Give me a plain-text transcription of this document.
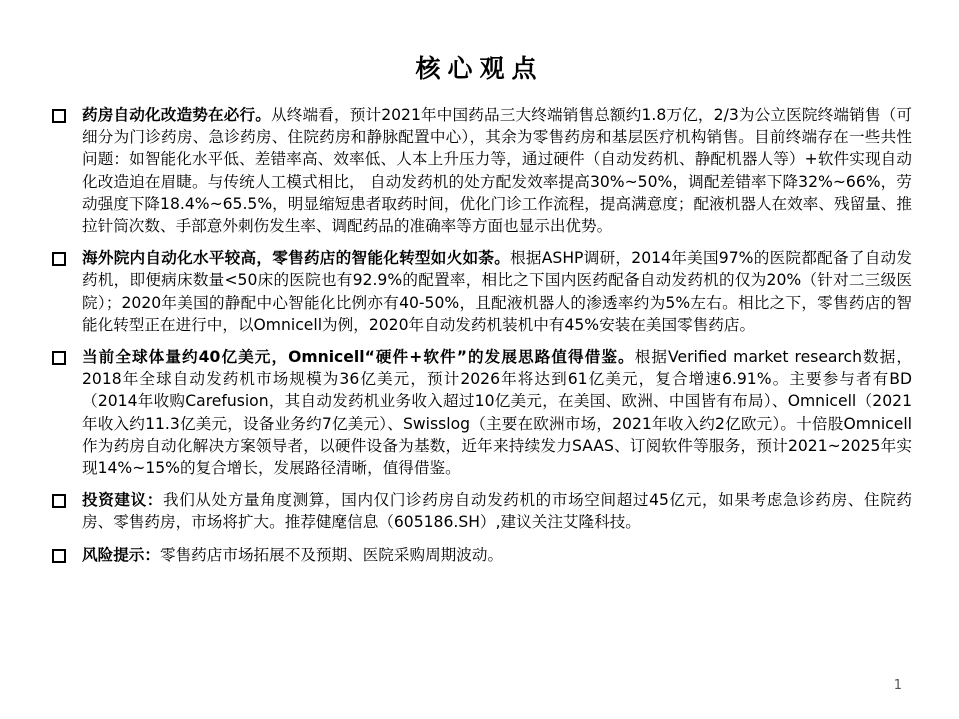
核心观点
药房自动化改造势在必行。从终端看，预计2021年中国药品三大终端销售总额约1.8万亿，2/3为公立医院终端销售（可细分为门诊药房、急诊药房、住院药房和静脉配置中心），其余为零售药房和基层医疗机构销售。目前终端存在一些共性问题：如智能化水平低、差错率高、效率低、人本上升压力等，通过硬件（自动发药机、静配机器人等）+软件实现自动化改造迫在眉睫。与传统人工模式相比， 自动发药机的处方配发效率提高30%~50%，调配差错率下降32%~66%，劳动强度下降18.4%~65.5%，明显缩短患者取药时间，优化门诊工作流程，提高满意度；配液机器人在效率、残留量、推拉针筒次数、手部意外刺伤发生率、调配药品的准确率等方面也显示出优势。
海外院内自动化水平较高，零售药店的智能化转型如火如荼。根据ASHP调研，2014年美国97%的医院都配备了自动发药机，即便病床数量<50床的医院也有92.9%的配置率，相比之下国内医药配备自动发药机的仅为20%（针对二三级医院）；2020年美国的静配中心智能化比例亦有40-50%，且配液机器人的渗透率约为5%左右。相比之下，零售药店的智能化转型正在进行中，以Omnicell为例，2020年自动发药机装机中有45%安装在美国零售药店。
当前全球体量约40亿美元，Omnicell“硬件+软件”的发展思路值得借鉴。根据Verified market research数据，2018年全球自动发药机市场规模为36亿美元，预计2026年将达到61亿美元，复合增速6.91%。主要参与者有BD（2014年收购Carefusion，其自动发药机业务收入超过10亿美元，在美国、欧洲、中国皆有布局）、Omnicell（2021年收入约11.3亿美元，设备业务约7亿美元）、Swisslog（主要在欧洲市场，2021年收入约2亿欧元）。十倍股Omnicell作为药房自动化解决方案领导者，以硬件设备为基数，近年来持续发力SAAS、订阅软件等服务，预计2021~2025年实现14%~15%的复合增长，发展路径清晰，值得借鉴。
投资建议：我们从处方量角度测算，国内仅门诊药房自动发药机的市场空间超过45亿元，如果考虑急诊药房、住院药房、零售药房，市场将扩大。推荐健麾信息（605186.SH）,建议关注艾隆科技。
风险提示：零售药店市场拓展不及预期、医院采购周期波动。
1
